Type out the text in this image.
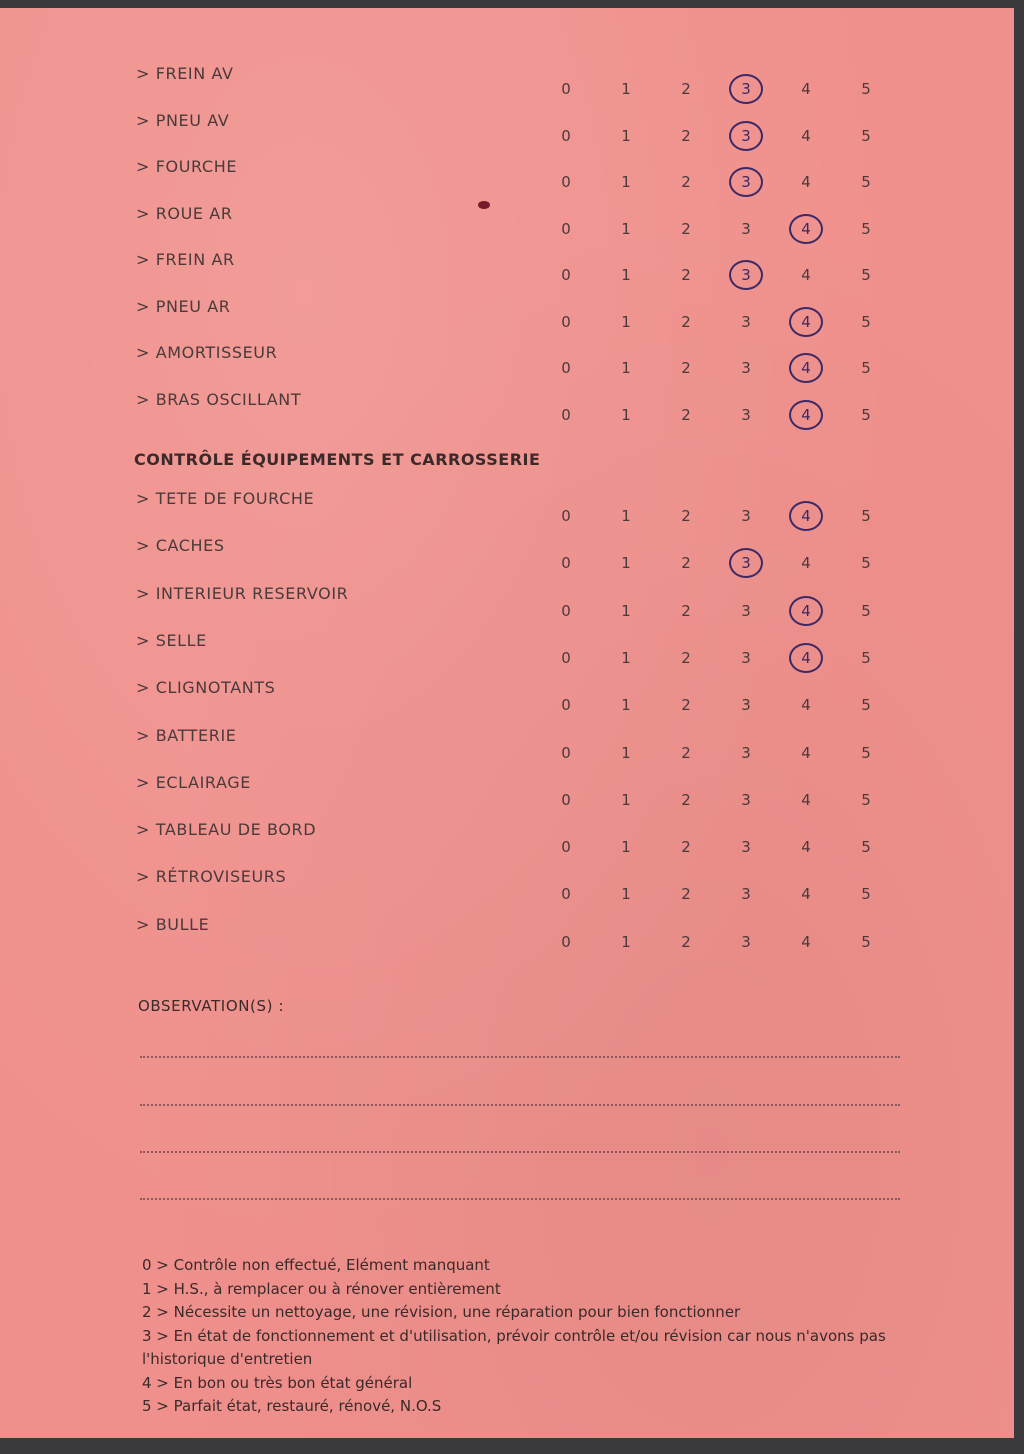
> FREIN AV
0	1	2	3	4	5
> PNEU AV
0	1	2	3	4	5
> FOURCHE
0	1	2	3	4	5
> ROUE AR
0	1	2	3	4	5
> FREIN AR
0	1	2	3	4	5
> PNEU AR
0	1	2	3	4	5
> AMORTISSEUR
0	1	2	3	4	5
> BRAS OSCILLANT
0	1	2	3	4	5
CONTRÔLE ÉQUIPEMENTS ET CARROSSERIE
> TETE DE FOURCHE
0	1	2	3	4	5
> CACHES
0	1	2	3	4	5
> INTERIEUR RESERVOIR
0	1	2	3	4	5
> SELLE
0	1	2	3	4	5
> CLIGNOTANTS
0	1	2	3	4	5
> BATTERIE
0	1	2	3	4	5
> ECLAIRAGE
0	1	2	3	4	5
> TABLEAU DE BORD
0	1	2	3	4	5
> RÉTROVISEURS
0	1	2	3	4	5
> BULLE
0	1	2	3	4	5
OBSERVATION(S) :
0 > Contrôle non effectué, Elément manquant
1 > H.S., à remplacer ou à rénover entièrement
2 > Nécessite un nettoyage, une révision, une réparation pour bien fonctionner
3 > En état de fonctionnement et d'utilisation, prévoir contrôle et/ou révision car nous n'avons pas l'historique d'entretien
4 > En bon ou très bon état général
5 > Parfait état, restauré, rénové, N.O.S
